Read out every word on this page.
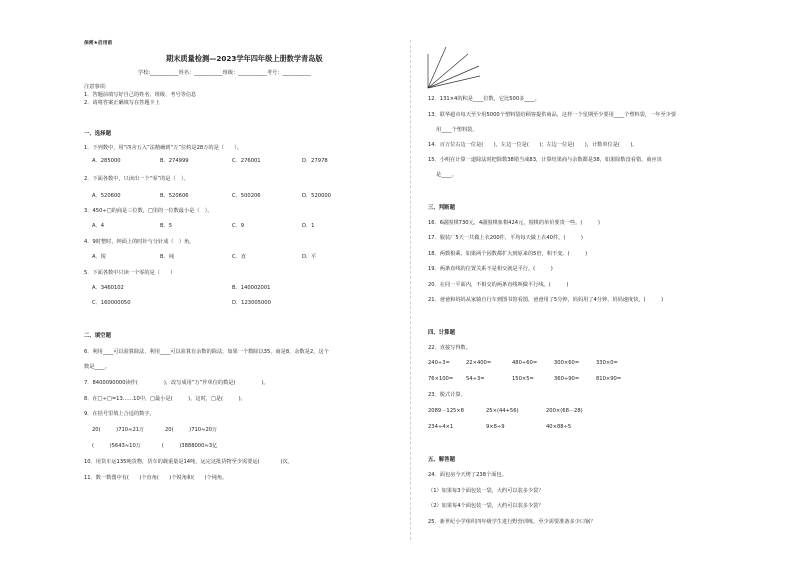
保密★启用前
期末质量检测—2023学年四年级上册数学青岛版
学校:___________姓名：___________班级：___________考号：___________
注意事项：
1．答题前填写好自己的姓名、班级、考号等信息
2．请将答案正确填写在答题卡上
一、选择题
1．下列数中，用“四舍五入”法精确到“万”位约是28万的是（　　）。
A．285000	B．274999	C．276001	D．27978
2．下面各数中，只读出一个“零”的是（　）。
A．520600	B．520606	C．500206	D．520000
3．450÷□的商是三位数，□里的一位数最小是（　）。
A．4	B．5	C．9	D．1
4．9时整时，钟面上的时针与分针成（　）角。
A．锐	B．钝	C．直	D．平
5．下面各数中只读一个零的是（　　）
A．3460102	B．140002001
C．160000050	D．123005000
二、填空题
6．利用____可以验算除法，利用____可以验算有余数的除法，如果一个数除以35，商是8，余数是2，这个
数是____。
7．8400090000读作(　　　　　)，改写成用“万”作单位的数是(　　　　　)。
8．在□÷□=13……10中，□最小是(　　　)，这时，□是(　　　)。
9．在括号里填上合适的数字。
20(　　　)710≈21万　　　　20(　　　)710≈20万
(　　　)5643≈10万　　　　(　　　)3888000≈3亿
10．用货车运135吨货物，货车的载重量是14吨，运完这批货物至少需要运(　　　　)次。
11．数一数图中有(　　)个直角(　　)个锐角和(　　)个钝角。
12．131×4的积是____位数，它比500多____。
13．联华超市每天至少用5000个塑料袋给顾客提供商品，这样一个星期至少要用____个塑料袋，一年至少要
用____个塑料袋。
14．百万位右边一位是(　　)，左边一位是(　　)；左边一位是(　　)，计数单位是(　　)。
15．小明在计算一道除法时把除数38错当成83，计算结果商与余数都是38，如果除数没看错，商应该
是____。
三、判断题
16．6副围棋730元，4副围棋象棋424元，围棋的单价要贵一些。(　　　)
17．服装厂5天一共做上衣200件，平均每天做上衣40件。(　　　)
18．两数相乘，如果两个因数都扩大到原来的5倍，积不变。(　　　)
19．两条直线的位置关系不是相交就是平行。(　　　)
20．在同一平面内，不相交的两条直线叫做平行线。(　　　)
21．爸爸和妈妈从家骑自行车到图书馆看图，爸爸用了5分钟，妈妈用了4分钟，妈妈速度快。(　　　)
四、计算题
22．直接写得数。
240÷3=	22×400=	480÷60=	300×60=	330×0=
76×100= 54÷3=	150×5=	360÷90=	810×90=
23．脱式计算。
2089－125×8	25×(44+56)	200×(68－28)
234÷4×1	9×8÷9	40×88÷5
五、解答题
24．面包房今天烤了238个面包。
（1）如果每3个面包装一袋，大约可以装多少袋？
（2）如果每4个面包装一袋，大约可以装多少袋？
25．新世纪小学组织四年级学生进行野营训练，至少需要准备多少口锅？
